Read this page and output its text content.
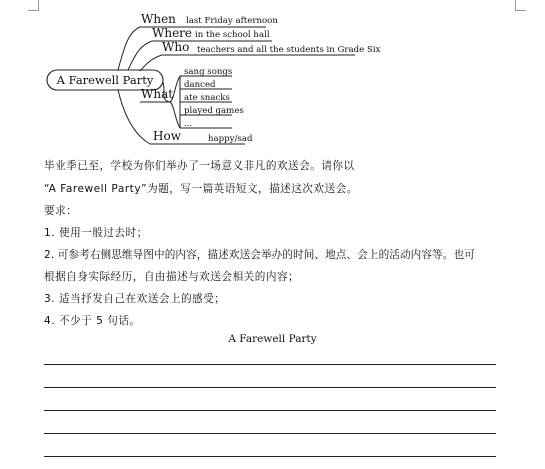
A Farewell Party
When
Where
Who
What
How
last Friday afternoon
in the school hall
teachers and all the students in Grade Six
sang songs
danced
ate snacks
played games
...
happy/sad
毕业季已至，学校为你们举办了一场意义非凡的欢送会。请你以
“A Farewell Party”为题，写一篇英语短文，描述这次欢送会。
要求：
1. 使用一般过去时；
2. 可参考右侧思维导图中的内容，描述欢送会举办的时间、地点、会上的活动内容等。也可
根据自身实际经历，自由描述与欢送会相关的内容；
3. 适当抒发自己在欢送会上的感受；
4. 不少于 5 句话。
A Farewell Party
